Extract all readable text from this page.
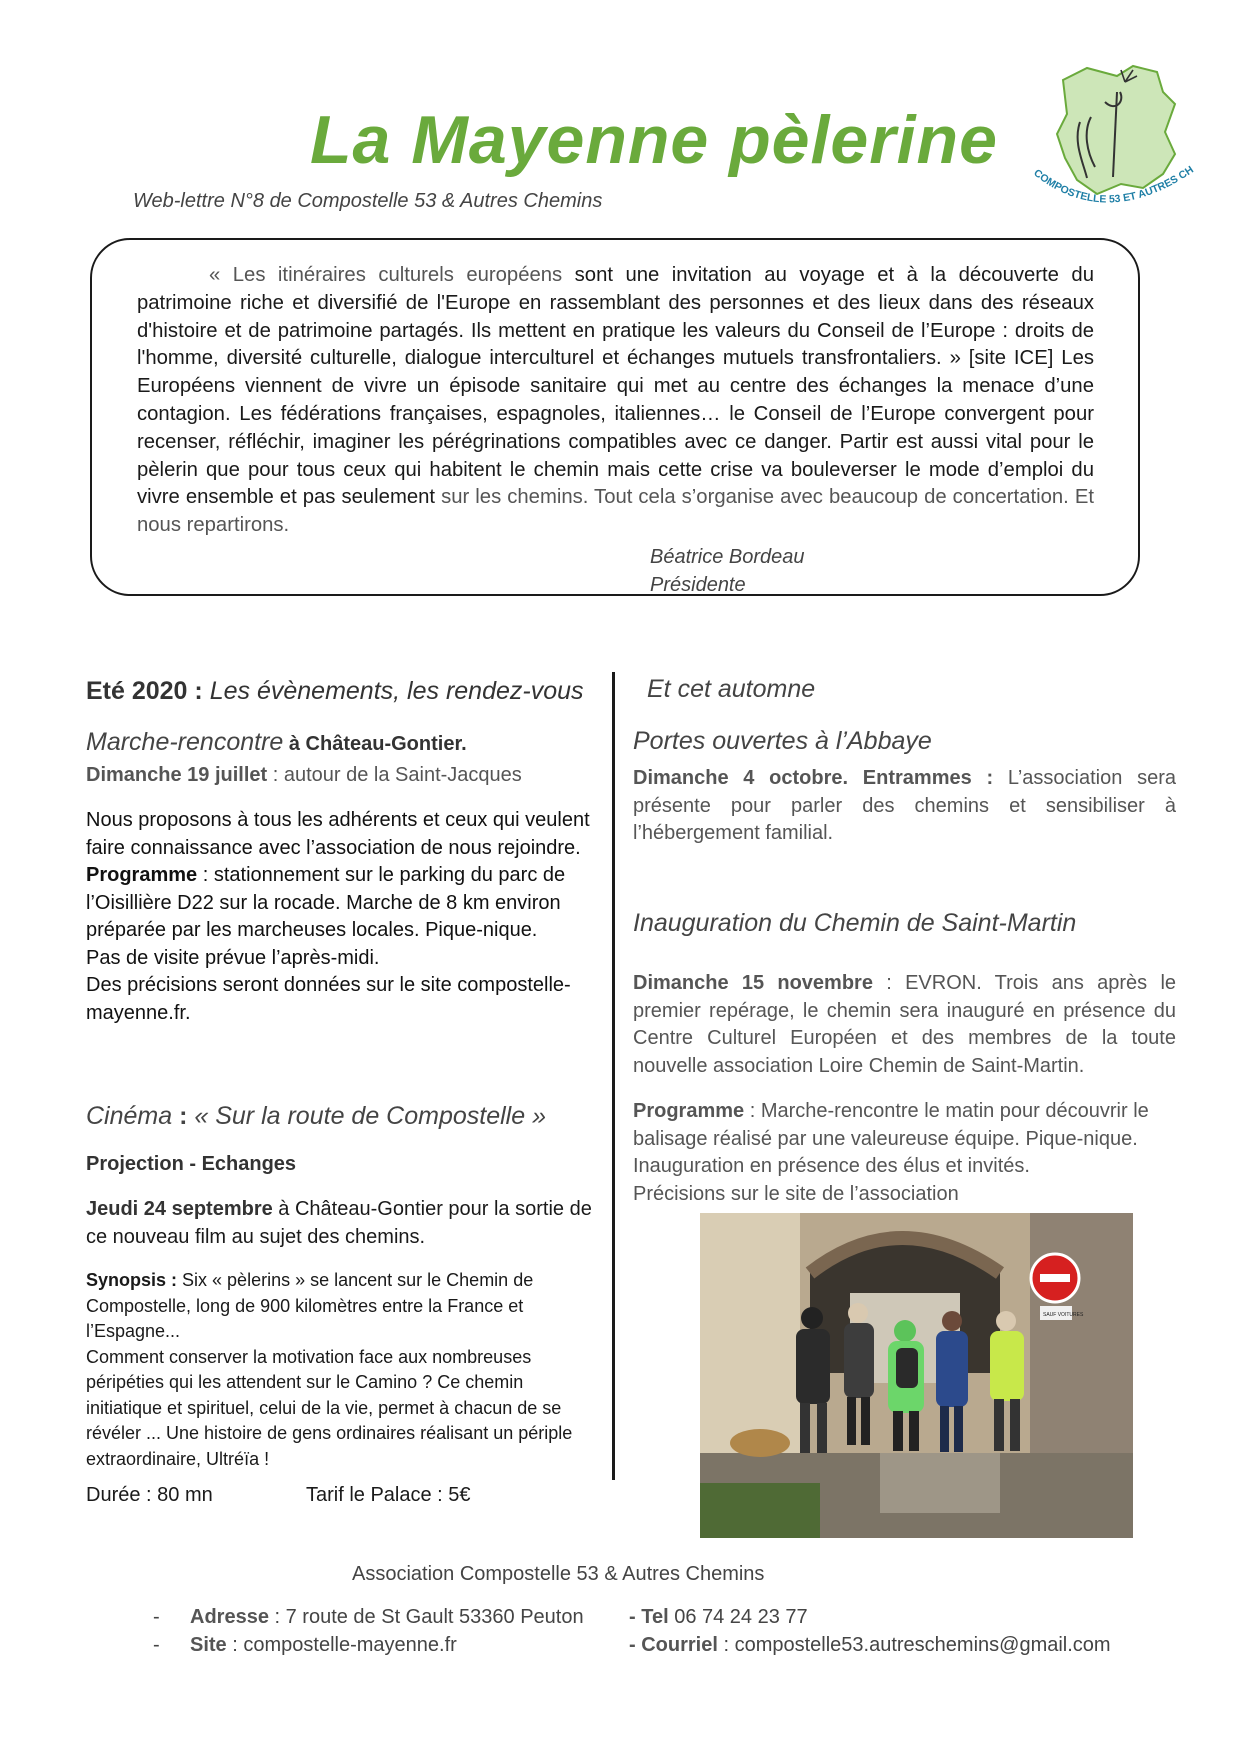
La Mayenne pèlerine
Web-lettre N°8 de Compostelle 53 & Autres Chemins
COMPOSTELLE 53 ET AUTRES CH
« Les itinéraires culturels européens sont une invitation au voyage et à la découverte du patrimoine riche et diversifié de l'Europe en rassemblant des personnes et des lieux dans des réseaux d'histoire et de patrimoine partagés. Ils mettent en pratique les valeurs du Conseil de l’Europe : droits de l'homme, diversité culturelle, dialogue interculturel et échanges mutuels transfrontaliers. » [site ICE] Les Européens viennent de vivre un épisode sanitaire qui met au centre des échanges la menace d’une contagion. Les fédérations françaises, espagnoles, italiennes… le Conseil de l’Europe convergent pour recenser, réfléchir, imaginer les pérégrinations compatibles avec ce danger. Partir est aussi vital pour le pèlerin que pour tous ceux qui habitent le chemin mais cette crise va bouleverser le mode d’emploi du vivre ensemble et pas seulement sur les chemins. Tout cela s’organise avec beaucoup de concertation. Et nous repartirons.
Béatrice Bordeau
Présidente
Eté 2020 : Les évènements, les rendez-vous
Marche-rencontre à Château-Gontier.
Dimanche 19 juillet : autour de la Saint-Jacques
Nous proposons à tous les adhérents et ceux qui veulent faire connaissance avec l’association de nous rejoindre.
Programme : stationnement sur le parking du parc de l’Oisillière D22 sur la rocade. Marche de 8 km environ préparée par les marcheuses locales. Pique-nique.
Pas de visite prévue l’après-midi.
Des précisions seront données sur le site compostelle-mayenne.fr.
Cinéma : « Sur la route de Compostelle »
Projection - Echanges
Jeudi 24 septembre à Château-Gontier pour la sortie de ce nouveau film au sujet des chemins.
Synopsis : Six « pèlerins » se lancent sur le Chemin de Compostelle, long de 900 kilomètres entre la France et l’Espagne...
Comment conserver la motivation face aux nombreuses péripéties qui les attendent sur le Camino ? Ce chemin initiatique et spirituel, celui de la vie, permet à chacun de se révéler ... Une histoire de gens ordinaires réalisant un périple extraordinaire, Ultréïa !
Durée : 80 mn	Tarif le Palace : 5€
Et cet automne
Portes ouvertes à l’Abbaye
Dimanche 4 octobre. Entrammes : L’association sera présente pour parler des chemins et sensibiliser à l’hébergement familial.
Inauguration du Chemin de Saint-Martin
Dimanche 15 novembre : EVRON. Trois ans après le premier repérage, le chemin sera inauguré en présence du Centre Culturel Européen et des membres de la toute nouvelle association Loire Chemin de Saint-Martin.
Programme : Marche-rencontre le matin pour découvrir le balisage réalisé par une valeureuse équipe. Pique-nique.
Inauguration en présence des élus et invités.
Précisions sur le site de l’association
SAUF VOITURES
Association Compostelle 53 & Autres Chemins
- Adresse : 7 route de St Gault 53360 Peuton - Tel 06 74 24 23 77
- Site : compostelle-mayenne.fr	- Courriel : compostelle53.autreschemins@gmail.com
